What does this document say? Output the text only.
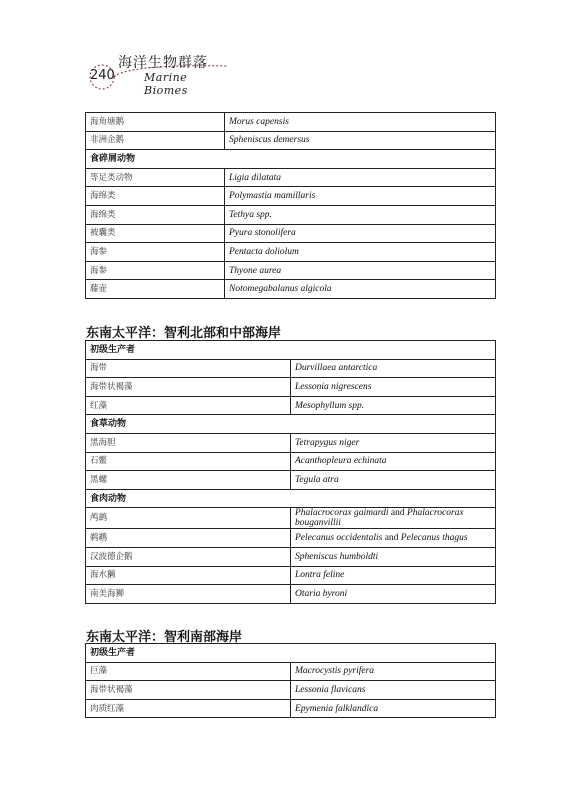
海洋生物群落
240	Marine Biomes
海角塘鹅	Morus capensis
非洲企鹅	Spheniscus demersus
食碎屑动物	
等足类动物	Ligia dilatata
海绵类	Polymastia mamillaris
海绵类	Tethya spp.
被囊类	Pyura stonolifera
海参	Pentacta doliolum
海参	Thyone aurea
藤壶	Notomegabalanus algicola
东南太平洋：智利北部和中部海岸
初级生产者	
海带	Durvillaea antarctica
海带状褐藻	Lessonia nigrescens
红藻	Mesophyllum spp.
食草动物	
黑海胆	Tetrapygus niger
石鳖	Acanthopleura echinata
黑螺	Tegula atra
食肉动物	
鸬鹚	Phalacrocorax gaimardi and Phalacrocorax bouganvillii
鹈鹕	Pelecanus occidentalis and Pelecanus thagus
汉波德企鹅	Spheniscus humboldti
海水獭	Lontra feline
南美海狮	Otaria byroni
东南太平洋：智利南部海岸
初级生产者	
巨藻	Macrocystis pyrifera
海带状褐藻	Lessonia flavicans
肉质红藻	Epymenia falklandica
